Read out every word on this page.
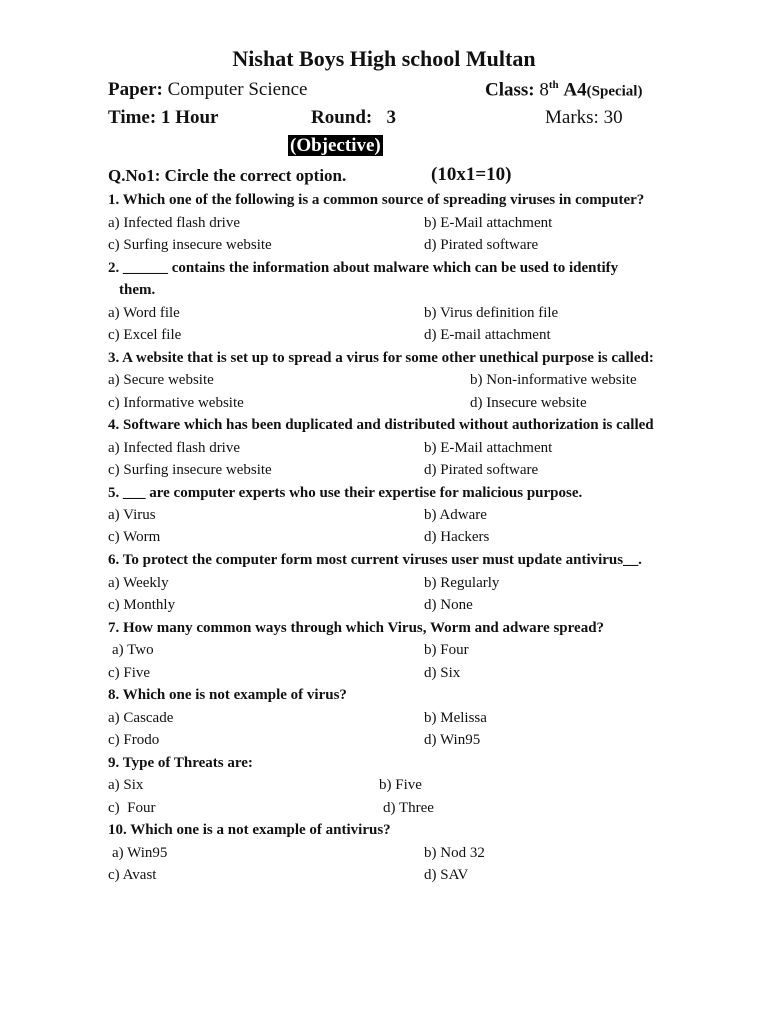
Nishat Boys High school Multan
Paper: Computer Science	Class: 8th A4(Special)
Time: 1 Hour	Round: 3	Marks: 30
(Objective)
Q.No1: Circle the correct option.	(10x1=10)
1. Which one of the following is a common source of spreading viruses in computer?
a) Infected flash drive	b) E-Mail attachment
c) Surfing insecure website	d) Pirated software
2. ______ contains the information about malware which can be used to identify
them.
a) Word file	b) Virus definition file
c) Excel file	d) E-mail attachment
3. A website that is set up to spread a virus for some other unethical purpose is called:
a) Secure website	b) Non-informative website
c) Informative website	d) Insecure website
4. Software which has been duplicated and distributed without authorization is called
a) Infected flash drive	b) E-Mail attachment
c) Surfing insecure website	d) Pirated software
5. ___ are computer experts who use their expertise for malicious purpose.
a) Virus	b) Adware
c) Worm	d) Hackers
6. To protect the computer form most current viruses user must update antivirus__.
a) Weekly	b) Regularly
c) Monthly	d) None
7. How many common ways through which Virus, Worm and adware spread?
a) Two	b) Four
c) Five	d) Six
8. Which one is not example of virus?
a) Cascade	b) Melissa
c) Frodo	d) Win95
9. Type of Threats are:
a) Six	b) Five
c)  Four	d) Three
10. Which one is a not example of antivirus?
a) Win95	b) Nod 32
c) Avast	d) SAV
